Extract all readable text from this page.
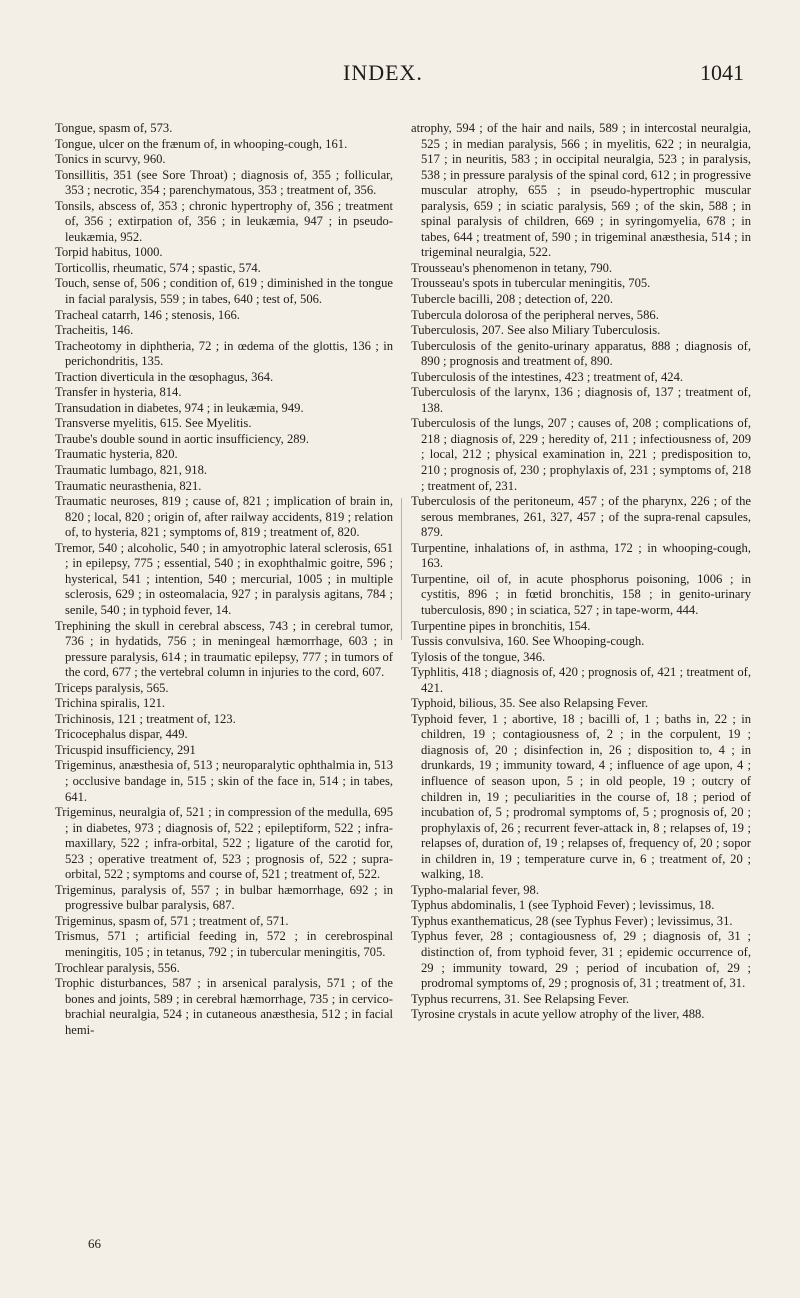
INDEX.	1041

Tongue, spasm of, 573.

Tongue, ulcer on the frænum of, in whooping-cough, 161.

Tonics in scurvy, 960.

Tonsillitis, 351 (see Sore Throat) ; diagnosis of, 355 ; follicular, 353 ; necrotic, 354 ; parenchymatous, 353 ; treatment of, 356.

Tonsils, abscess of, 353 ; chronic hypertrophy of, 356 ; treatment of, 356 ; extirpation of, 356 ; in leukæmia, 947 ; in pseudo-leukæmia, 952.

Torpid habitus, 1000.

Torticollis, rheumatic, 574 ; spastic, 574.

Touch, sense of, 506 ; condition of, 619 ; diminished in the tongue in facial paralysis, 559 ; in tabes, 640 ; test of, 506.

Tracheal catarrh, 146 ; stenosis, 166.

Tracheitis, 146.

Tracheotomy in diphtheria, 72 ; in œdema of the glottis, 136 ; in perichondritis, 135.

Traction diverticula in the œsophagus, 364.

Transfer in hysteria, 814.

Transudation in diabetes, 974 ; in leukæmia, 949.

Transverse myelitis, 615. See Myelitis.

Traube's double sound in aortic insufficiency, 289.

Traumatic hysteria, 820.

Traumatic lumbago, 821, 918.

Traumatic neurasthenia, 821.

Traumatic neuroses, 819 ; cause of, 821 ; implication of brain in, 820 ; local, 820 ; origin of, after railway accidents, 819 ; relation of, to hysteria, 821 ; symptoms of, 819 ; treatment of, 820.

Tremor, 540 ; alcoholic, 540 ; in amyotrophic lateral sclerosis, 651 ; in epilepsy, 775 ; essential, 540 ; in exophthalmic goitre, 596 ; hysterical, 541 ; intention, 540 ; mercurial, 1005 ; in multiple sclerosis, 629 ; in osteomalacia, 927 ; in paralysis agitans, 784 ; senile, 540 ; in typhoid fever, 14.

Trephining the skull in cerebral abscess, 743 ; in cerebral tumor, 736 ; in hydatids, 756 ; in meningeal hæmorrhage, 603 ; in pressure paralysis, 614 ; in traumatic epilepsy, 777 ; in tumors of the cord, 677 ; the vertebral column in injuries to the cord, 607.

Triceps paralysis, 565.

Trichina spiralis, 121.

Trichinosis, 121 ; treatment of, 123.

Tricocephalus dispar, 449.

Tricuspid insufficiency, 291

Trigeminus, anæsthesia of, 513 ; neuroparalytic ophthalmia in, 513 ; occlusive bandage in, 515 ; skin of the face in, 514 ; in tabes, 641.

Trigeminus, neuralgia of, 521 ; in compression of the medulla, 695 ; in diabetes, 973 ; diagnosis of, 522 ; epileptiform, 522 ; infra-maxillary, 522 ; infra-orbital, 522 ; ligature of the carotid for, 523 ; operative treatment of, 523 ; prognosis of, 522 ; supra-orbital, 522 ; symptoms and course of, 521 ; treatment of, 522.

Trigeminus, paralysis of, 557 ; in bulbar hæmorrhage, 692 ; in progressive bulbar paralysis, 687.

Trigeminus, spasm of, 571 ; treatment of, 571.

Trismus, 571 ; artificial feeding in, 572 ; in cerebrospinal meningitis, 105 ; in tetanus, 792 ; in tubercular meningitis, 705.

Trochlear paralysis, 556.

Trophic disturbances, 587 ; in arsenical paralysis, 571 ; of the bones and joints, 589 ; in cerebral hæmorrhage, 735 ; in cervico-brachial neuralgia, 524 ; in cutaneous anæsthesia, 512 ; in facial hemi-

atrophy, 594 ; of the hair and nails, 589 ; in intercostal neuralgia, 525 ; in median paralysis, 566 ; in myelitis, 622 ; in neuralgia, 517 ; in neuritis, 583 ; in occipital neuralgia, 523 ; in paralysis, 538 ; in pressure paralysis of the spinal cord, 612 ; in progressive muscular atrophy, 655 ; in pseudo-hypertrophic muscular paralysis, 659 ; in sciatic paralysis, 569 ; of the skin, 588 ; in spinal paralysis of children, 669 ; in syringomyelia, 678 ; in tabes, 644 ; treatment of, 590 ; in trigeminal anæsthesia, 514 ; in trigeminal neuralgia, 522.

Trousseau's phenomenon in tetany, 790.

Trousseau's spots in tubercular meningitis, 705.

Tubercle bacilli, 208 ; detection of, 220.

Tubercula dolorosa of the peripheral nerves, 586.

Tuberculosis, 207. See also Miliary Tuberculosis.

Tuberculosis of the genito-urinary apparatus, 888 ; diagnosis of, 890 ; prognosis and treatment of, 890.

Tuberculosis of the intestines, 423 ; treatment of, 424.

Tuberculosis of the larynx, 136 ; diagnosis of, 137 ; treatment of, 138.

Tuberculosis of the lungs, 207 ; causes of, 208 ; complications of, 218 ; diagnosis of, 229 ; heredity of, 211 ; infectiousness of, 209 ; local, 212 ; physical examination in, 221 ; predisposition to, 210 ; prognosis of, 230 ; prophylaxis of, 231 ; symptoms of, 218 ; treatment of, 231.

Tuberculosis of the peritoneum, 457 ; of the pharynx, 226 ; of the serous membranes, 261, 327, 457 ; of the supra-renal capsules, 879.

Turpentine, inhalations of, in asthma, 172 ; in whooping-cough, 163.

Turpentine, oil of, in acute phosphorus poisoning, 1006 ; in cystitis, 896 ; in fœtid bronchitis, 158 ; in genito-urinary tuberculosis, 890 ; in sciatica, 527 ; in tape-worm, 444.

Turpentine pipes in bronchitis, 154.

Tussis convulsiva, 160. See Whooping-cough.

Tylosis of the tongue, 346.

Typhlitis, 418 ; diagnosis of, 420 ; prognosis of, 421 ; treatment of, 421.

Typhoid, bilious, 35. See also Relapsing Fever.

Typhoid fever, 1 ; abortive, 18 ; bacilli of, 1 ; baths in, 22 ; in children, 19 ; contagiousness of, 2 ; in the corpulent, 19 ; diagnosis of, 20 ; disinfection in, 26 ; disposition to, 4 ; in drunkards, 19 ; immunity toward, 4 ; influence of age upon, 4 ; influence of season upon, 5 ; in old people, 19 ; outcry of children in, 19 ; peculiarities in the course of, 18 ; period of incubation of, 5 ; prodromal symptoms of, 5 ; prognosis of, 20 ; prophylaxis of, 26 ; recurrent fever-attack in, 8 ; relapses of, 19 ; relapses of, duration of, 19 ; relapses of, frequency of, 20 ; sopor in children in, 19 ; temperature curve in, 6 ; treatment of, 20 ; walking, 18.

Typho-malarial fever, 98.

Typhus abdominalis, 1 (see Typhoid Fever) ; levissimus, 18.

Typhus exanthematicus, 28 (see Typhus Fever) ; levissimus, 31.

Typhus fever, 28 ; contagiousness of, 29 ; diagnosis of, 31 ; distinction of, from typhoid fever, 31 ; epidemic occurrence of, 29 ; immunity toward, 29 ; period of incubation of, 29 ; prodromal symptoms of, 29 ; prognosis of, 31 ; treatment of, 31.

Typhus recurrens, 31. See Relapsing Fever.

Tyrosine crystals in acute yellow atrophy of the liver, 488.

66
